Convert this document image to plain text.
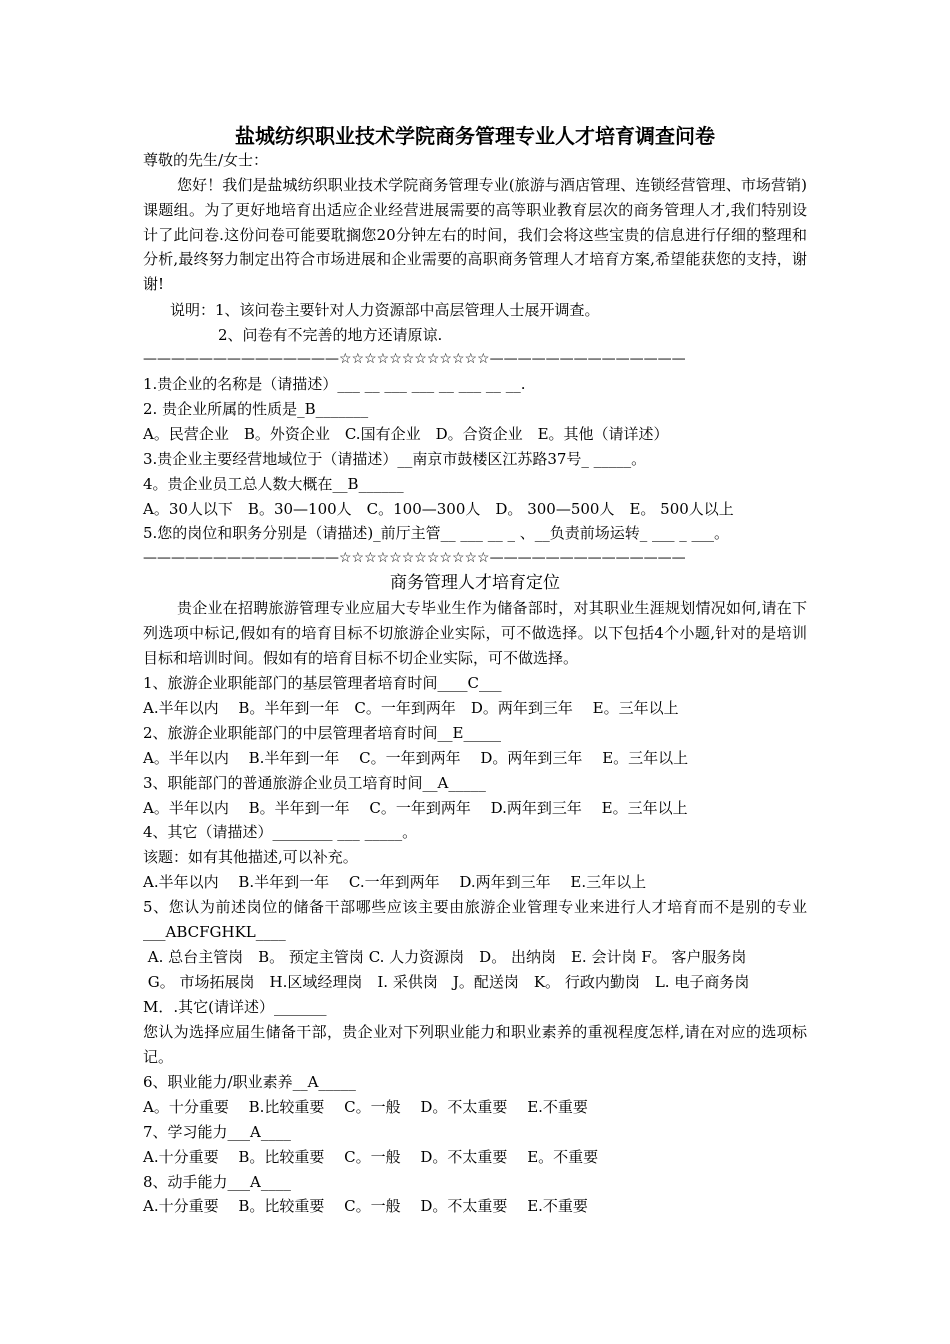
盐城纺织职业技术学院商务管理专业人才培育调查问卷
尊敬的先生/女士：
您好！我们是盐城纺织职业技术学院商务管理专业(旅游与酒店管理、连锁经营管理、市场营销)课题组。为了更好地培育出适应企业经营进展需要的高等职业教育层次的商务管理人才,我们特别设计了此问卷.这份问卷可能要耽搁您20分钟左右的时间，我们会将这些宝贵的信息进行仔细的整理和分析,最终努力制定出符合市场进展和企业需要的高职商务管理人才培育方案,希望能获您的支持，谢谢!
说明：1、该问卷主要针对人力资源部中高层管理人士展开调查。
2、问卷有不完善的地方还请原谅.
——————————————☆☆☆☆☆☆☆☆☆☆☆☆——————————————
1.贵企业的名称是（请描述）___ __ ___ ___ __ ___ __ __.
2. 贵企业所属的性质是_B_______
A。民营企业　B。外资企业　C.国有企业　D。合资企业　E。其他（请详述）
3.贵企业主要经营地域位于（请描述）__南京市鼓楼区江苏路37号_ _____。
4。贵企业员工总人数大概在__B______
A。30人以下　B。30—100人　C。100—300人　D。 300—500人　E。 500人以上
5.您的岗位和职务分别是（请描述)_前厅主管__ ___ __ _ 、__负责前场运转_ ___ _ ___。
——————————————☆☆☆☆☆☆☆☆☆☆☆☆——————————————
商务管理人才培育定位
贵企业在招聘旅游管理专业应届大专毕业生作为储备部时，对其职业生涯规划情况如何,请在下列选项中标记,假如有的培育目标不切旅游企业实际，可不做选择。以下包括4个小题,针对的是培训目标和培训时间。假如有的培育目标不切企业实际，可不做选择。
1、旅游企业职能部门的基层管理者培育时间____C___
A.半年以内　 B。半年到一年　C。一年到两年　D。两年到三年　 E。三年以上
2、旅游企业职能部门的中层管理者培育时间__E_____
A。半年以内　 B.半年到一年　 C。一年到两年　 D。两年到三年　 E。三年以上
3、职能部门的普通旅游企业员工培育时间__A_____
A。半年以内　 B。半年到一年　 C。一年到两年　 D.两年到三年　 E。三年以上
4、其它（请描述）________ ___ _____。
该题：如有其他描述,可以补充。
A.半年以内　 B.半年到一年　 C.一年到两年　 D.两年到三年　 E.三年以上
5、您认为前述岗位的储备干部哪些应该主要由旅游企业管理专业来进行人才培育而不是别的专业___ABCFGHKL____
A. 总台主管岗　B。 预定主管岗 C. 人力资源岗　D。 出纳岗　E. 会计岗 F。 客户服务岗
G。 市场拓展岗　H.区域经理岗　I. 采供岗　J。配送岗　K。 行政内勤岗　L. 电子商务岗
M．.其它(请详述）_______
您认为选择应届生储备干部，贵企业对下列职业能力和职业素养的重视程度怎样,请在对应的选项标记。
6、职业能力/职业素养__A_____
A。十分重要　 B.比较重要　 C。一般　 D。不太重要　 E.不重要
7、学习能力___A____
A.十分重要　 B。比较重要　 C。一般　 D。不太重要　 E。不重要
8、动手能力___A____
A.十分重要　 B。比较重要　 C。一般　 D。不太重要　 E.不重要
